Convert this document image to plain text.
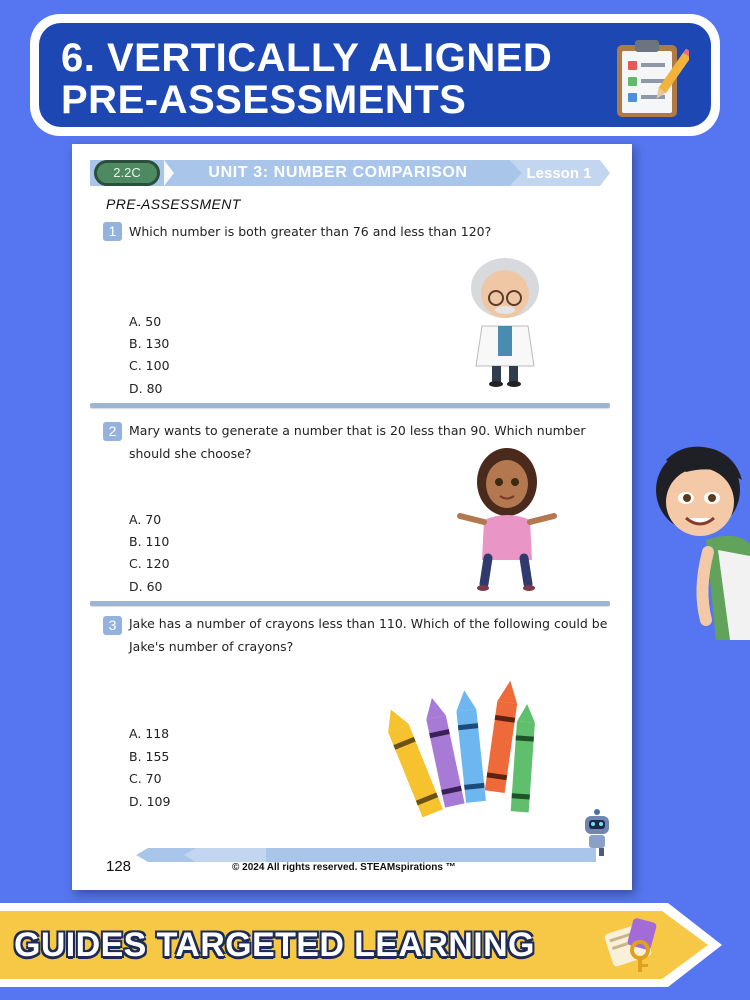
6. VERTICALLY ALIGNED PRE-ASSESSMENTS
2.2C	UNIT 3: NUMBER COMPARISON	Lesson 1
PRE-ASSESSMENT
1	Which number is both greater than 76 and less than 120?
A. 50
B. 130
C. 100
D. 80
2	Mary wants to generate a number that is 20 less than 90. Which number should she choose?
A. 70
B. 110
C. 120
D. 60
3	Jake has a number of crayons less than 110. Which of the following could be Jake's number of crayons?
A. 118
B. 155
C. 70
D. 109
128	© 2024 All rights reserved. STEAMspirations ™
GUIDES TARGETED LEARNING
